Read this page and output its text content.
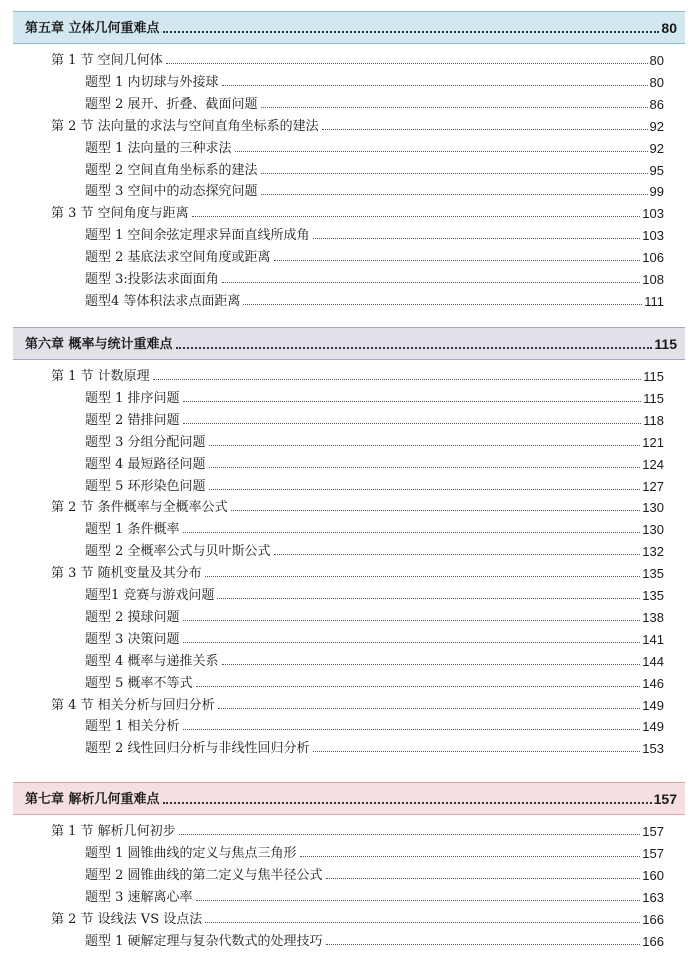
第五章 立体几何重难点	80
第 1 节 空间几何体	80
题型 1 内切球与外接球	80
题型 2 展开、折叠、截面问题	86
第 2 节 法向量的求法与空间直角坐标系的建法	92
题型 1 法向量的三种求法	92
题型 2 空间直角坐标系的建法	95
题型 3 空间中的动态探究问题	99
第 3 节 空间角度与距离	103
题型 1 空间余弦定理求异面直线所成角	103
题型 2 基底法求空间角度或距离	106
题型 3:投影法求面面角	108
题型4 等体积法求点面距离	111
第六章 概率与统计重难点	115
第 1 节 计数原理	115
题型 1 排序问题	115
题型 2 错排问题	118
题型 3 分组分配问题	121
题型 4 最短路径问题	124
题型 5 环形染色问题	127
第 2 节 条件概率与全概率公式	130
题型 1 条件概率	130
题型 2 全概率公式与贝叶斯公式	132
第 3 节 随机变量及其分布	135
题型1 竞赛与游戏问题	135
题型 2 摸球问题	138
题型 3 决策问题	141
题型 4 概率与递推关系	144
题型 5 概率不等式	146
第 4 节 相关分析与回归分析	149
题型 1 相关分析	149
题型 2 线性回归分析与非线性回归分析	153
第七章 解析几何重难点	157
第 1 节 解析几何初步	157
题型 1 圆锥曲线的定义与焦点三角形	157
题型 2 圆锥曲线的第二定义与焦半径公式	160
题型 3 速解离心率	163
第 2 节 设线法 VS 设点法	166
题型 1 硬解定理与复杂代数式的处理技巧	166
